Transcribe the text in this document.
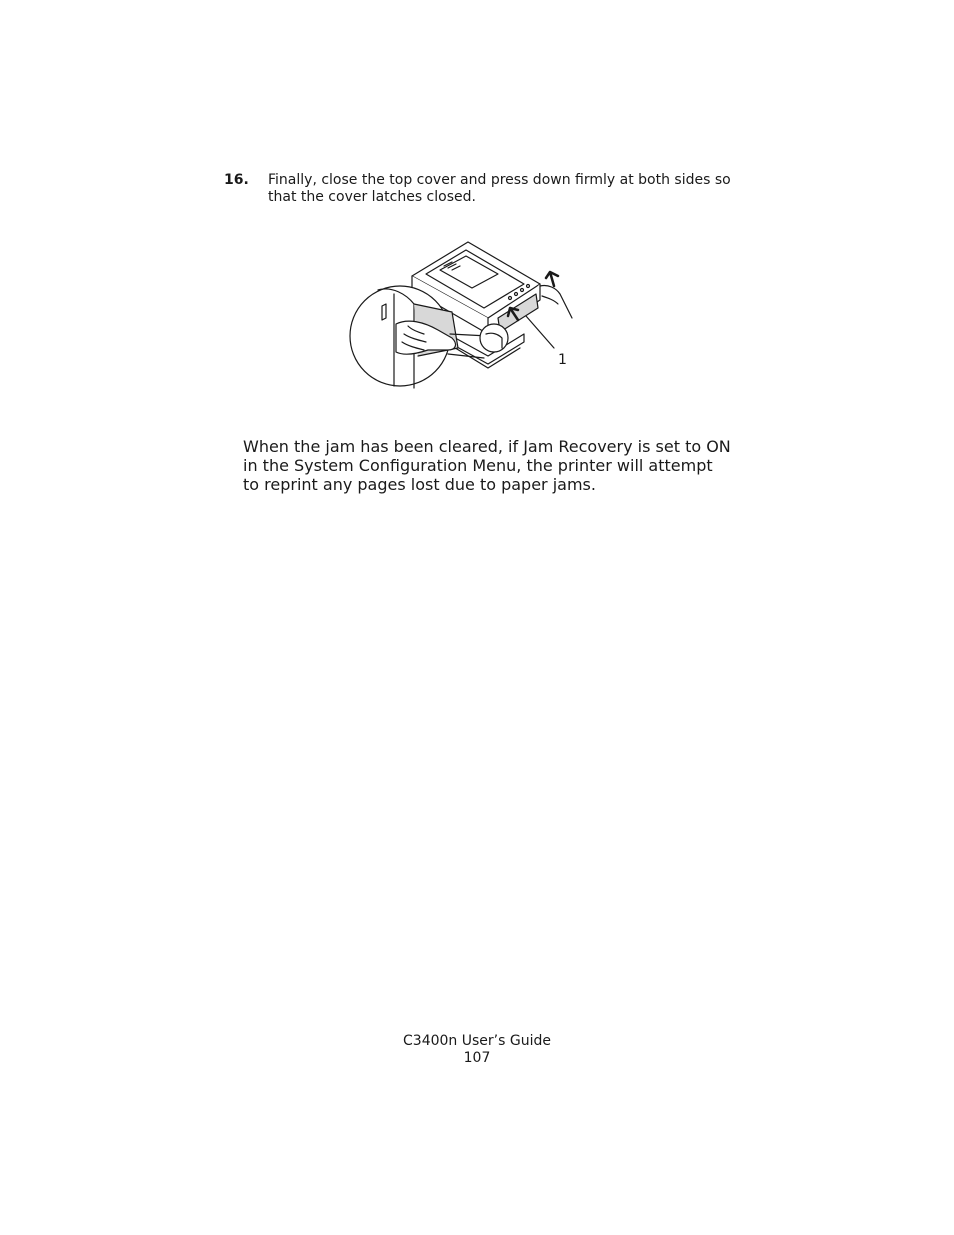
16. Finally, close the top cover and press down firmly at both sides so that the cover latches closed.
1

When the jam has been cleared, if Jam Recovery is set to ON in the System Configuration Menu, the printer will attempt to reprint any pages lost due to paper jams.

C3400n User’s Guide
107
